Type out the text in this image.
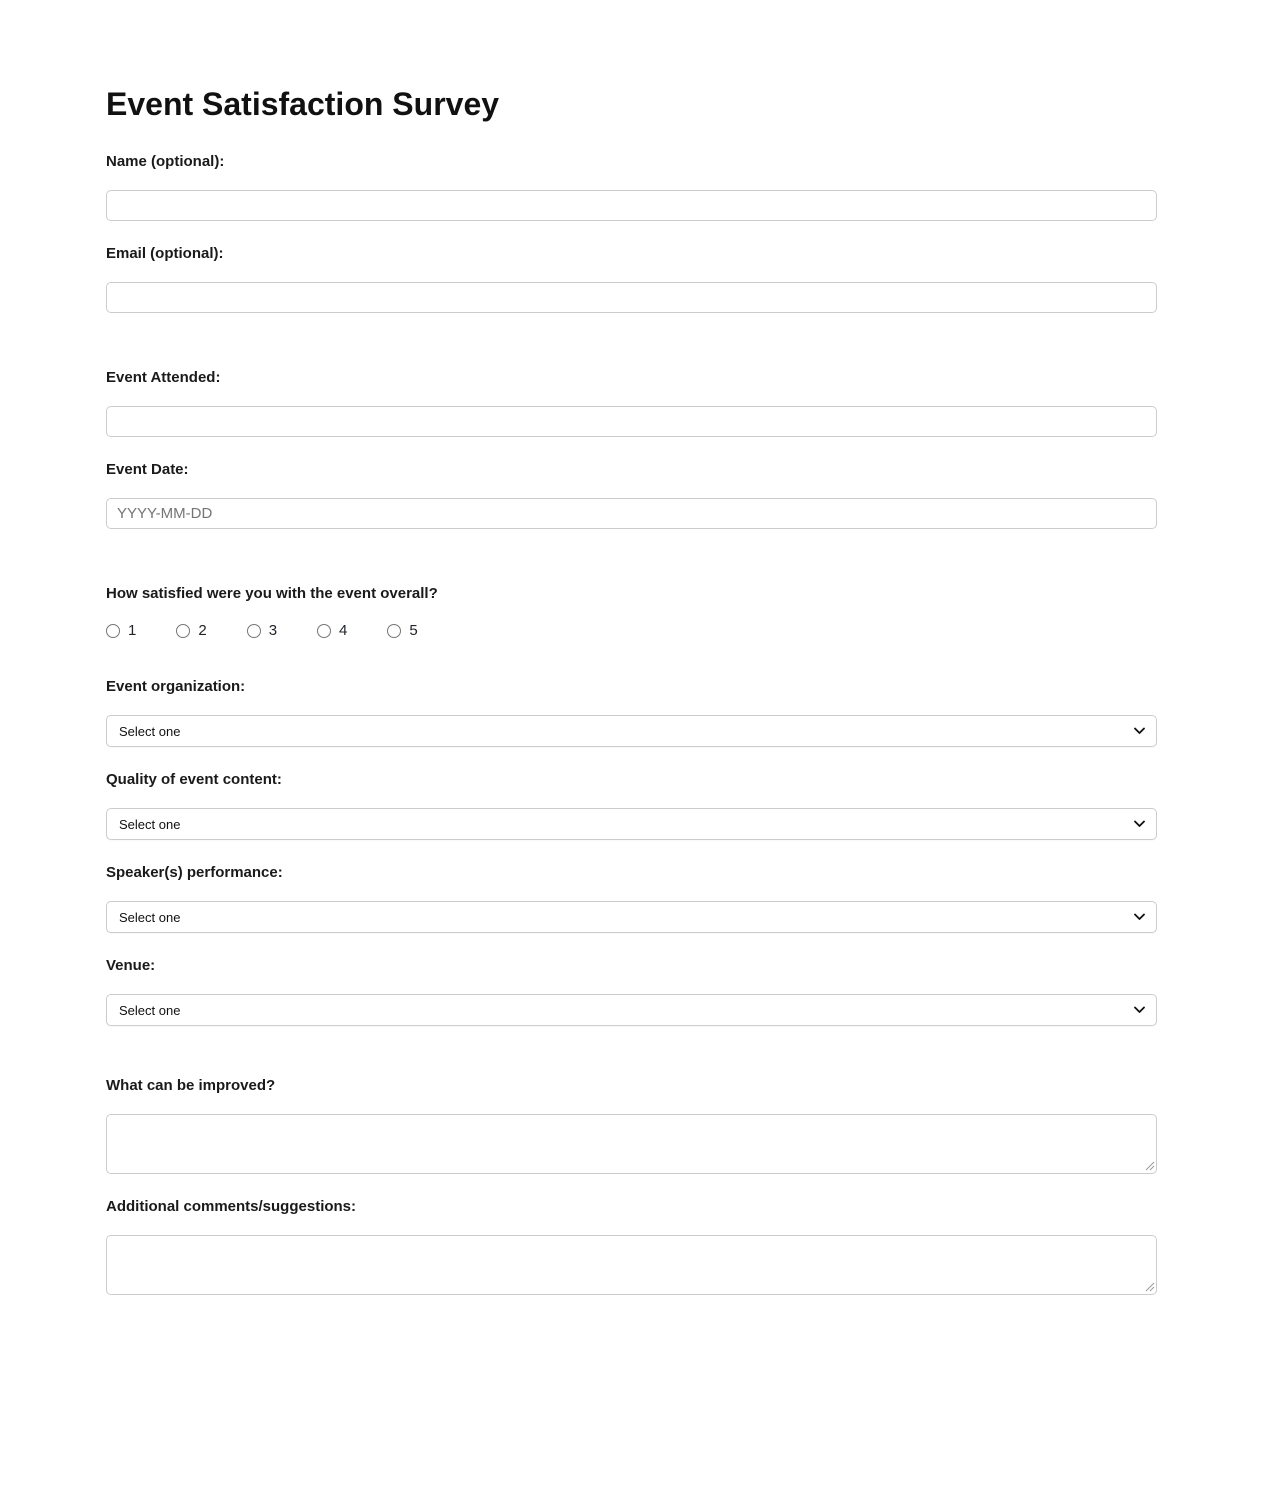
Event Satisfaction Survey
Name (optional):
Email (optional):
Event Attended:
Event Date:
YYYY-MM-DD
How satisfied were you with the event overall?
1	2	3	4	5
Event organization:
Select one
Quality of event content:
Select one
Speaker(s) performance:
Select one
Venue:
Select one
What can be improved?
Additional comments/suggestions:
